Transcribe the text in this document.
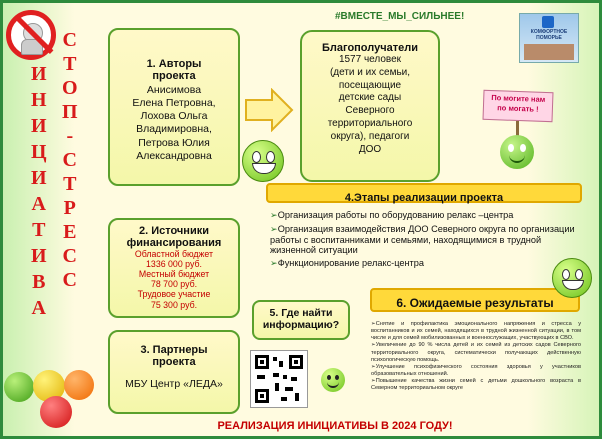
И
Н
И
Ц
И
А
Т
И
В
А
С
Т
О
П
-
С
Т
Р
Е
С
С
#ВМЕСТЕ_МЫ_СИЛЬНЕЕ!
КОМФОРТНОЕ
ПОМОРЬЕ
1. Авторы проекта
Анисимова
Елена Петровна,
Лохова Ольга
Владимировна,
Петрова Юлия
Александровна
Благополучатели
1577 человек
(дети и их семьи,
посещающие
детские сады
Северного
территориального
округа), педагоги
ДОО
По могите нам
по могать !
4.Этапы реализации проекта

➢Организация работы по оборудованию релакс –центра

➢Организация взаимодействия ДОО Северного округа по организации работы с воспитанниками и семьями, находящимися в трудной жизненной ситуации

➢Функционирование релакс-центра

2. Источники финансирования
Областной бюджет
1336 000 руб.
Местный бюджет
78 700 руб.
Трудовое участие
75 300 руб.
5. Где найти информацию?
3. Партнеры проекта
МБУ Центр «ЛЕДА»
6. Ожидаемые результаты

➢Снятие и профилактика эмоционального напряжения и стресса у воспитанников и их семей, находящихся в трудной жизненной ситуации, в том числе и для семей мобилизованных и военнослужащих, участвующих в СВО.

➢Увеличение до 90 % числа детей и их семей из детских садов Северного территориального округа, систематически получающих действенную психологическую помощь.

➢Улучшение психофизического состояния здоровья у участников образовательных отношений.

➢Повышение качества жизни семей с детьми дошкольного возраста в Северном территориальном округе

РЕАЛИЗАЦИЯ ИНИЦИАТИВЫ В 2024 ГОДУ!
